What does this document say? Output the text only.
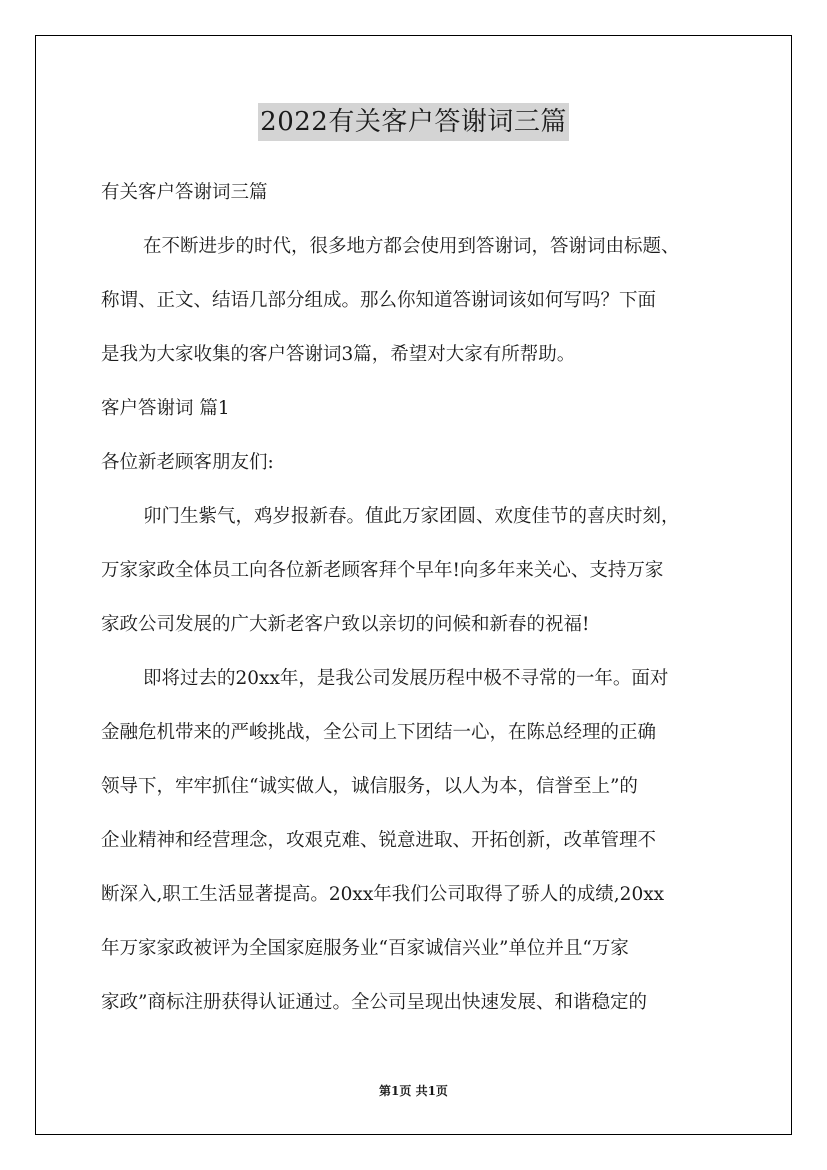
2022有关客户答谢词三篇
有关客户答谢词三篇
在不断进步的时代，很多地方都会使用到答谢词，答谢词由标题、
称谓、正文、结语几部分组成。那么你知道答谢词该如何写吗？下面
是我为大家收集的客户答谢词3篇，希望对大家有所帮助。
客户答谢词 篇1
各位新老顾客朋友们:
卯门生紫气，鸡岁报新春。值此万家团圆、欢度佳节的喜庆时刻，
万家家政全体员工向各位新老顾客拜个早年!向多年来关心、支持万家
家政公司发展的广大新老客户致以亲切的问候和新春的祝福!
即将过去的20xx年，是我公司发展历程中极不寻常的一年。面对
金融危机带来的严峻挑战，全公司上下团结一心，在陈总经理的正确
领导下，牢牢抓住“诚实做人，诚信服务，以人为本，信誉至上”的
企业精神和经营理念，攻艰克难、锐意进取、开拓创新，改革管理不
断深入,职工生活显著提高。20xx年我们公司取得了骄人的成绩,20xx
年万家家政被评为全国家庭服务业“百家诚信兴业”单位并且“万家
家政”商标注册获得认证通过。全公司呈现出快速发展、和谐稳定的
第1页 共1页
